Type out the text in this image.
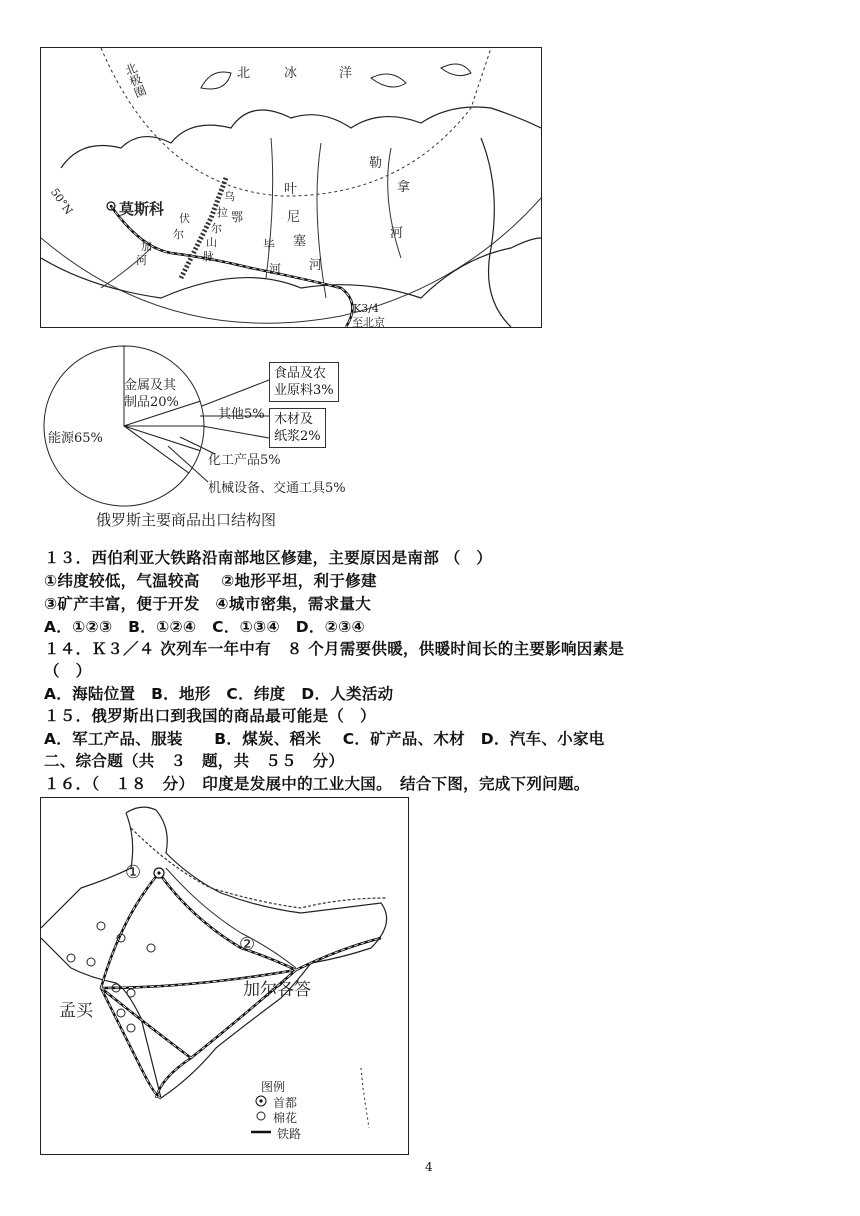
北极圈	北	冰	洋
50°N	莫斯科
乌
拉
尔
山
脉
鄂
毕
河
叶
尼
塞
河
勒
拿
河
伏
尔
加
河
K3/4
至北京
金属及其
制品20%
能源65%
其他5%
食品及农
业原料3%
木材及
纸浆2%
化工产品5%
机械设备、交通工具5%
俄罗斯主要商品出口结构图
１３．西伯利亚大铁路沿南部地区修建，主要原因是南部 （　）
①纬度较低，气温较高　 ②地形平坦，利于修建
③矿产丰富，便于开发　④城市密集，需求量大
A．①②③　B．①②④　C．①③④　D．②③④
１４．Ｋ３／４ 次列车一年中有　８ 个月需要供暖，供暖时间长的主要影响因素是
（　）
A．海陆位置　B．地形　C．纬度　D．人类活动
１５．俄罗斯出口到我国的商品最可能是（　）
A．军工产品、服装　　B．煤炭、稻米　 C．矿产品、木材　D．汽车、小家电
二、综合题（共　３　题，共　５５　分）
１６．（　１８　分）　印度是发展中的工业大国。　结合下图，完成下列问题。
①
②
加尔各答
孟买
图例
首都
棉花
铁路
4
